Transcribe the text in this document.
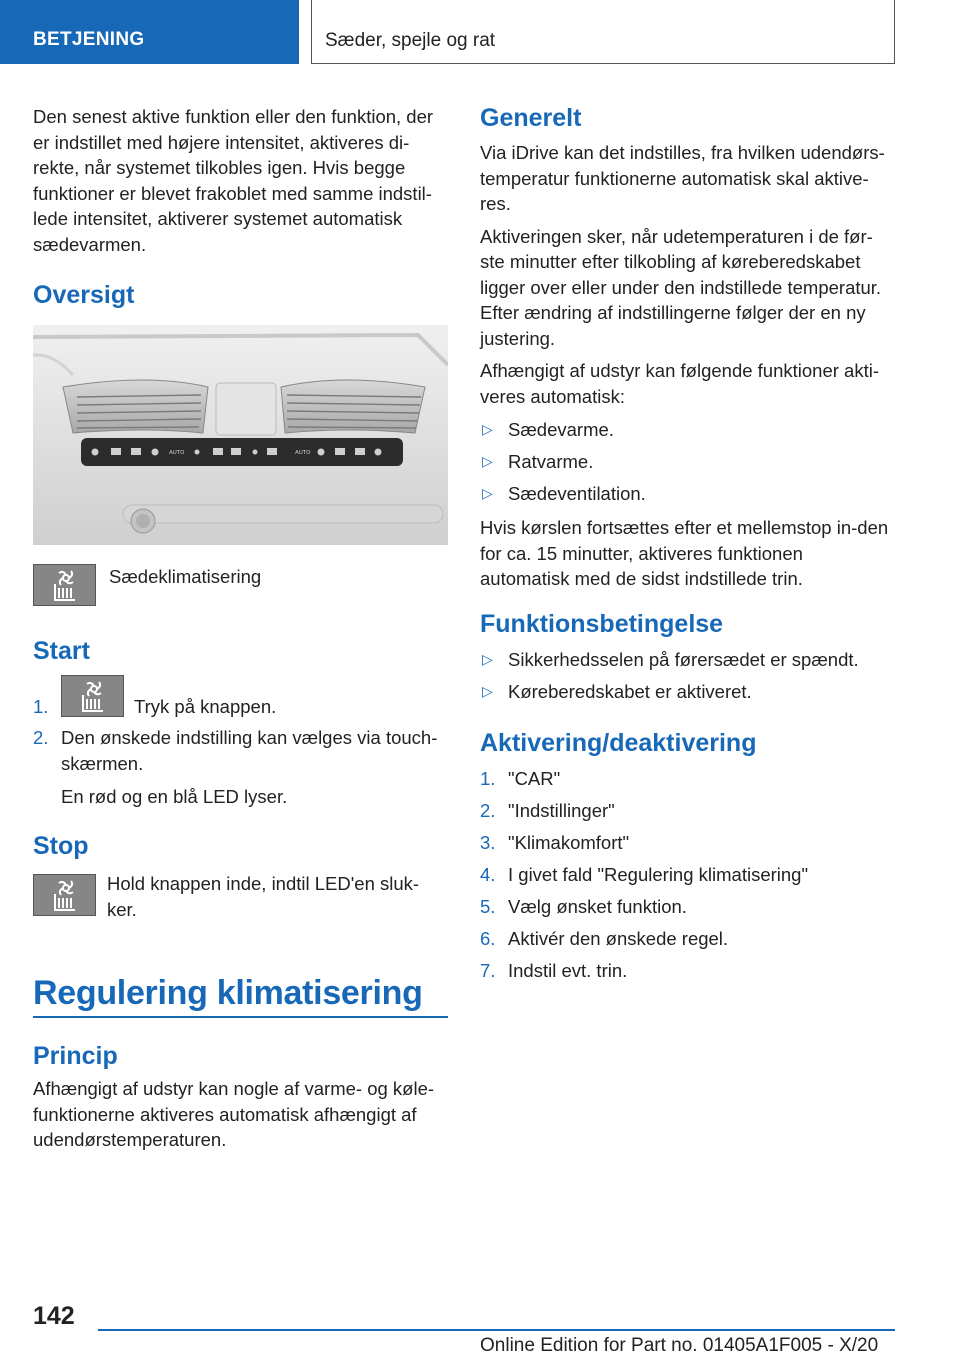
BETJENING	Sæder, spejle og rat

Den senest aktive funktion eller den funktion, der er indstillet med højere intensitet, aktiveres di-rekte, når systemet tilkobles igen. Hvis begge funktioner er blevet frakoblet med samme indstil-lede intensitet, aktiverer systemet automatisk sædevarmen.

Oversigt
AUTO	AUTO

Sædeklimatisering

Start
1.	Tryk på knappen.
2. Den ønskede indstilling kan vælges via touch-skærmen.
En rød og en blå LED lyser.
Stop

Hold knappen inde, indtil LED'en sluk-ker.

Regulering klimatisering
Princip

Afhængigt af udstyr kan nogle af varme- og køle-funktionerne aktiveres automatisk afhængigt af udendørstemperaturen.

Generelt

Via iDrive kan det indstilles, fra hvilken udendørs-temperatur funktionerne automatisk skal aktive-res.

Aktiveringen sker, når udetemperaturen i de før-ste minutter efter tilkobling af køreberedskabet ligger over eller under den indstillede temperatur. Efter ændring af indstillingerne følger der en ny justering.

Afhængigt af udstyr kan følgende funktioner akti-veres automatisk:

▷ Sædevarme.
▷ Ratvarme.
▷ Sædeventilation.

Hvis kørslen fortsættes efter et mellemstop in-den for ca. 15 minutter, aktiveres funktionen automatisk med de sidst indstillede trin.

Funktionsbetingelse
▷ Sikkerhedsselen på førersædet er spændt.
▷ Køreberedskabet er aktiveret.
Aktivering/deaktivering
1. "CAR"
2. "Indstillinger"
3. "Klimakomfort"
4. I givet fald "Regulering klimatisering"
5. Vælg ønsket funktion.
6. Aktivér den ønskede regel.
7. Indstil evt. trin.
142
Online Edition for Part no. 01405A1F005 - X/20
